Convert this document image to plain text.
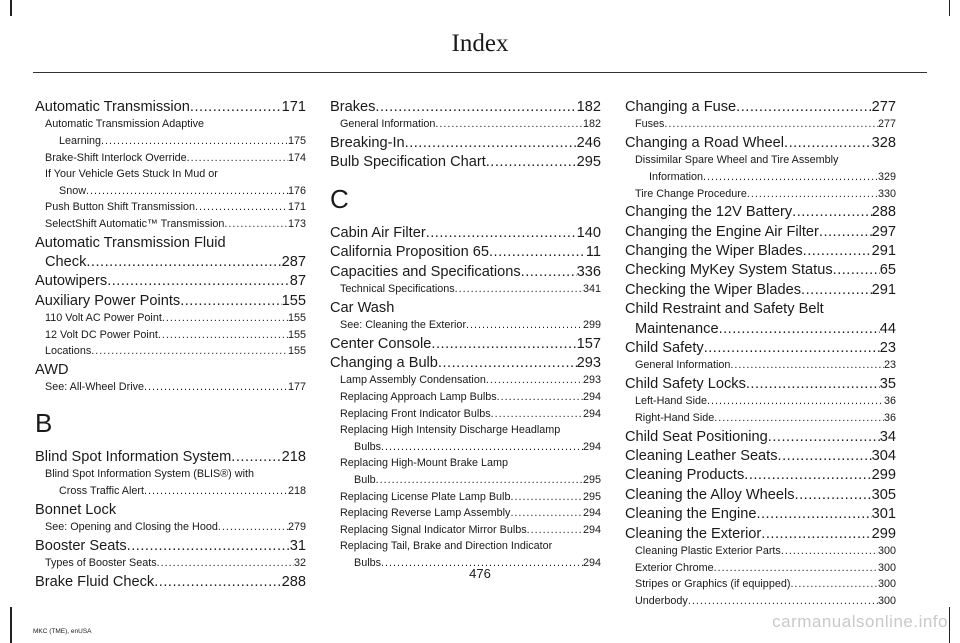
Index
Automatic Transmission .....	171
Automatic Transmission Adaptive
Learning .....	175
Brake-Shift Interlock Override .....	174
If Your Vehicle Gets Stuck In Mud or
Snow .....	176
Push Button Shift Transmission .....	171
SelectShift Automatic™ Transmission .....	173
Automatic Transmission Fluid
Check .....	287
Autowipers .....	87
Auxiliary Power Points .....	155
110 Volt AC Power Point .....	155
12 Volt DC Power Point .....	155
Locations .....	155
AWD
See: All-Wheel Drive .....	177
B
Blind Spot Information System .....	218
Blind Spot Information System (BLIS®) with
Cross Traffic Alert .....	218
Bonnet Lock
See: Opening and Closing the Hood .....	279
Booster Seats .....	31
Types of Booster Seats .....	32
Brake Fluid Check .....	288
Brakes .....	182
General Information .....	182
Breaking-In .....	246
Bulb Specification Chart .....	295
C
Cabin Air Filter .....	140
California Proposition 65 .....	11
Capacities and Specifications .....	336
Technical Specifications .....	341
Car Wash
See: Cleaning the Exterior .....	299
Center Console .....	157
Changing a Bulb .....	293
Lamp Assembly Condensation .....	293
Replacing Approach Lamp Bulbs .....	294
Replacing Front Indicator Bulbs .....	294
Replacing High Intensity Discharge Headlamp
Bulbs .....	294
Replacing High-Mount Brake Lamp
Bulb .....	295
Replacing License Plate Lamp Bulb .....	295
Replacing Reverse Lamp Assembly .....	294
Replacing Signal Indicator Mirror Bulbs .....	294
Replacing Tail, Brake and Direction Indicator
Bulbs .....	294
Changing a Fuse .....	277
Fuses .....	277
Changing a Road Wheel .....	328
Dissimilar Spare Wheel and Tire Assembly
Information .....	329
Tire Change Procedure .....	330
Changing the 12V Battery .....	288
Changing the Engine Air Filter .....	297
Changing the Wiper Blades .....	291
Checking MyKey System Status .....	65
Checking the Wiper Blades .....	291
Child Restraint and Safety Belt
Maintenance .....	44
Child Safety .....	23
General Information .....	23
Child Safety Locks .....	35
Left-Hand Side .....	36
Right-Hand Side .....	36
Child Seat Positioning .....	34
Cleaning Leather Seats .....	304
Cleaning Products .....	299
Cleaning the Alloy Wheels .....	305
Cleaning the Engine .....	301
Cleaning the Exterior .....	299
Cleaning Plastic Exterior Parts .....	300
Exterior Chrome .....	300
Stripes or Graphics (if equipped) .....	300
Underbody .....	300
476
MKC (TME), enUSA
carmanualsonline.info
